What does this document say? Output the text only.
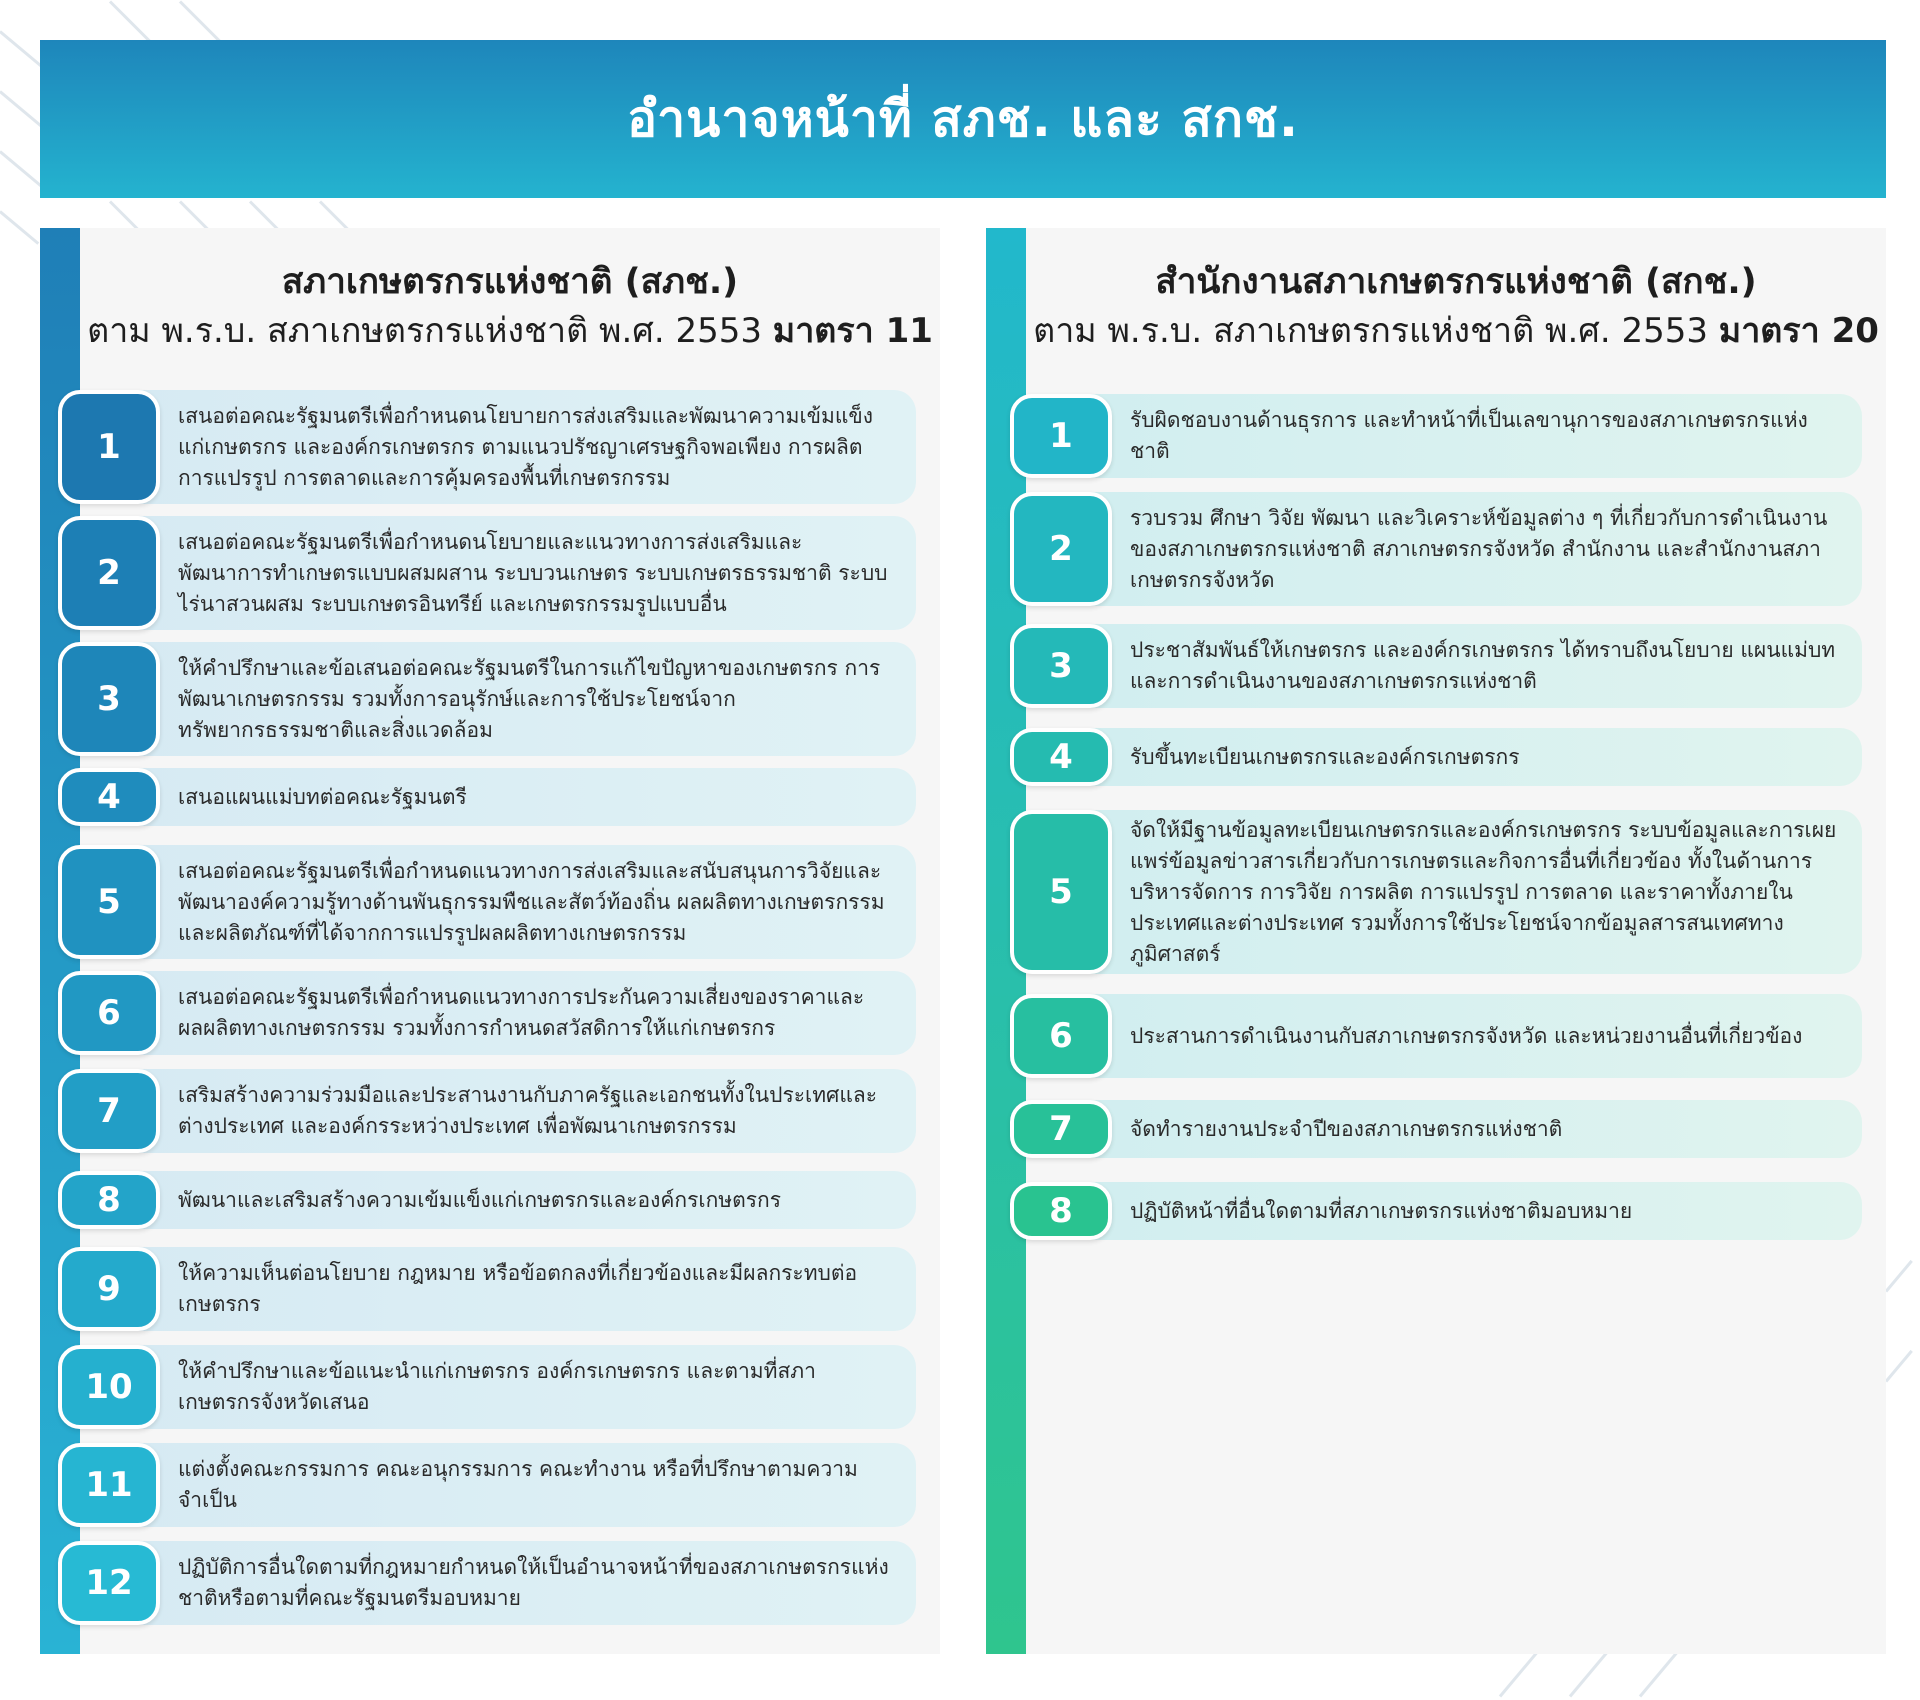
อำนาจหน้าที่ สภช. และ สกช.
สภาเกษตรกรแห่งชาติ (สภช.)
ตาม พ.ร.บ. สภาเกษตรกรแห่งชาติ พ.ศ. 2553 มาตรา 11

เสนอต่อคณะรัฐมนตรีเพื่อกำหนดนโยบายการส่งเสริมและพัฒนาความเข้มแข็งแก่เกษตรกร และองค์กรเกษตรกร ตามแนวปรัชญาเศรษฐกิจพอเพียง การผลิต การแปรรูป การตลาดและการคุ้มครองพื้นที่เกษตรกรรม

1

เสนอต่อคณะรัฐมนตรีเพื่อกำหนดนโยบายและแนวทางการส่งเสริมและพัฒนาการทำเกษตรแบบผสมผสาน ระบบวนเกษตร ระบบเกษตรธรรมชาติ ระบบไร่นาสวนผสม ระบบเกษตรอินทรีย์ และเกษตรกรรมรูปแบบอื่น

2

ให้คำปรึกษาและข้อเสนอต่อคณะรัฐมนตรีในการแก้ไขปัญหาของเกษตรกร การพัฒนาเกษตรกรรม รวมทั้งการอนุรักษ์และการใช้ประโยชน์จากทรัพยากรธรรมชาติและสิ่งแวดล้อม

3

เสนอแผนแม่บทต่อคณะรัฐมนตรี

4

เสนอต่อคณะรัฐมนตรีเพื่อกำหนดแนวทางการส่งเสริมและสนับสนุนการวิจัยและพัฒนาองค์ความรู้ทางด้านพันธุกรรมพืชและสัตว์ท้องถิ่น ผลผลิตทางเกษตรกรรม และผลิตภัณฑ์ที่ได้จากการแปรรูปผลผลิตทางเกษตรกรรม

5

เสนอต่อคณะรัฐมนตรีเพื่อกำหนดแนวทางการประกันความเสี่ยงของราคาและผลผลิตทางเกษตรกรรม รวมทั้งการกำหนดสวัสดิการให้แก่เกษตรกร

6

เสริมสร้างความร่วมมือและประสานงานกับภาครัฐและเอกชนทั้งในประเทศและต่างประเทศ และองค์กรระหว่างประเทศ เพื่อพัฒนาเกษตรกรรม

7

พัฒนาและเสริมสร้างความเข้มแข็งแก่เกษตรกรและองค์กรเกษตรกร

8

ให้ความเห็นต่อนโยบาย กฎหมาย หรือข้อตกลงที่เกี่ยวข้องและมีผลกระทบต่อเกษตรกร

9

ให้คำปรึกษาและข้อแนะนำแก่เกษตรกร องค์กรเกษตรกร และตามที่สภาเกษตรกรจังหวัดเสนอ

10

แต่งตั้งคณะกรรมการ คณะอนุกรรมการ คณะทำงาน หรือที่ปรึกษาตามความจำเป็น

11

ปฏิบัติการอื่นใดตามที่กฎหมายกำหนดให้เป็นอำนาจหน้าที่ของสภาเกษตรกรแห่งชาติหรือตามที่คณะรัฐมนตรีมอบหมาย

12
สำนักงานสภาเกษตรกรแห่งชาติ (สกช.)
ตาม พ.ร.บ. สภาเกษตรกรแห่งชาติ พ.ศ. 2553 มาตรา 20

รับผิดชอบงานด้านธุรการ และทำหน้าที่เป็นเลขานุการของสภาเกษตรกรแห่งชาติ

1

รวบรวม ศึกษา วิจัย พัฒนา และวิเคราะห์ข้อมูลต่าง ๆ ที่เกี่ยวกับการดำเนินงานของสภาเกษตรกรแห่งชาติ สภาเกษตรกรจังหวัด สำนักงาน และสำนักงานสภาเกษตรกรจังหวัด

2

ประชาสัมพันธ์ให้เกษตรกร และองค์กรเกษตรกร ได้ทราบถึงนโยบาย แผนแม่บทและการดำเนินงานของสภาเกษตรกรแห่งชาติ

3

รับขึ้นทะเบียนเกษตรกรและองค์กรเกษตรกร

4

จัดให้มีฐานข้อมูลทะเบียนเกษตรกรและองค์กรเกษตรกร ระบบข้อมูลและการเผยแพร่ข้อมูลข่าวสารเกี่ยวกับการเกษตรและกิจการอื่นที่เกี่ยวข้อง ทั้งในด้านการบริหารจัดการ การวิจัย การผลิต การแปรรูป การตลาด และราคาทั้งภายในประเทศและต่างประเทศ รวมทั้งการใช้ประโยชน์จากข้อมูลสารสนเทศทางภูมิศาสตร์

5

ประสานการดำเนินงานกับสภาเกษตรกรจังหวัด และหน่วยงานอื่นที่เกี่ยวข้อง

6

จัดทำรายงานประจำปีของสภาเกษตรกรแห่งชาติ

7

ปฏิบัติหน้าที่อื่นใดตามที่สภาเกษตรกรแห่งชาติมอบหมาย

8
